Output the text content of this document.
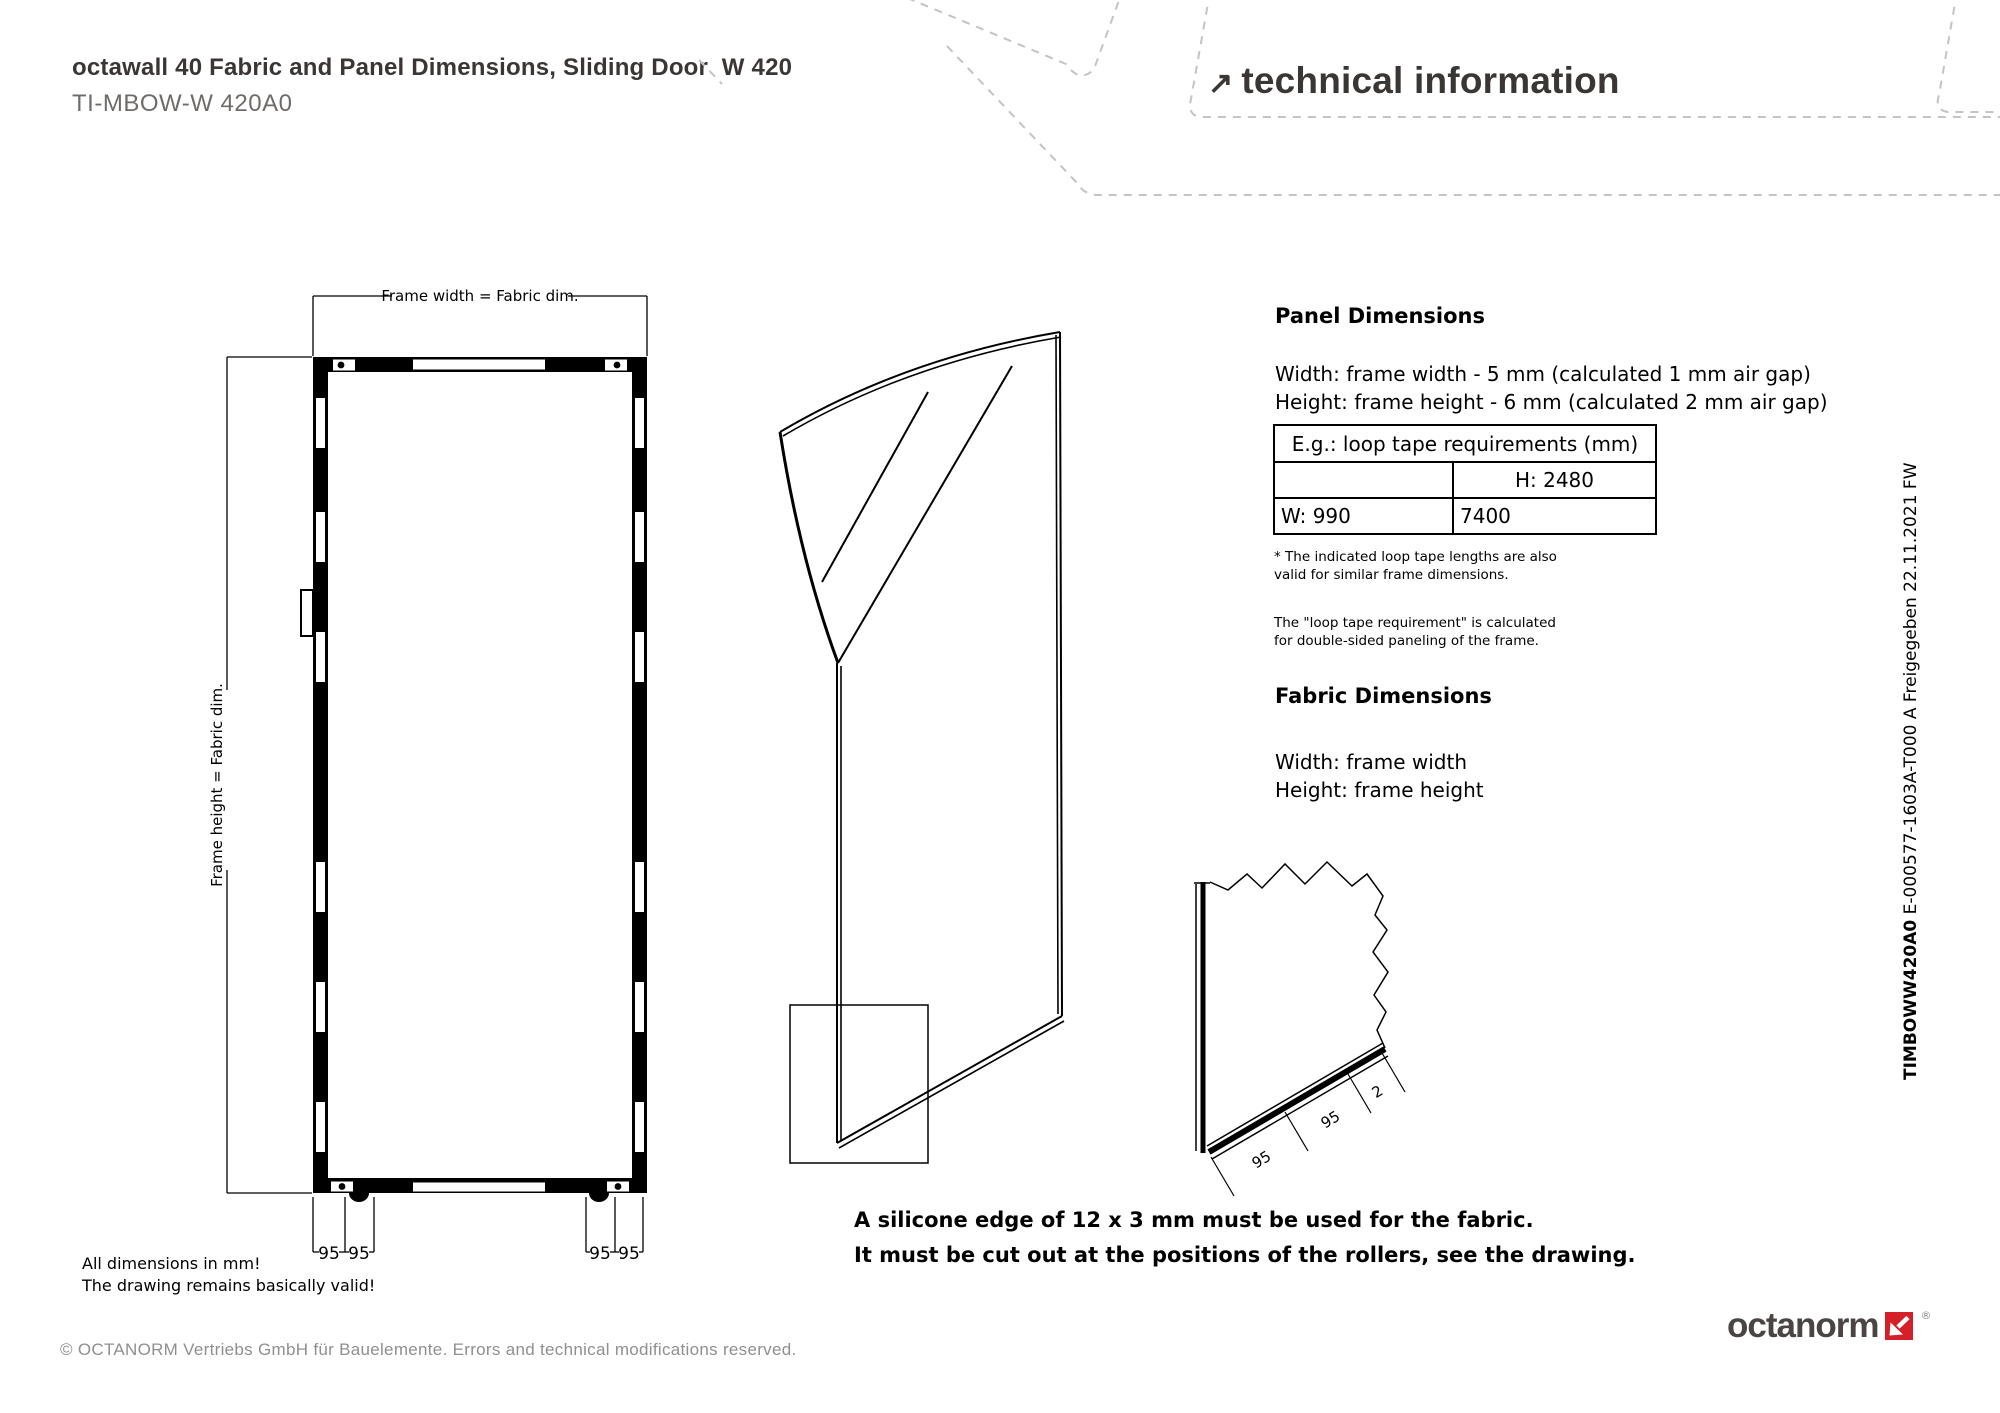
octawall 40 Fabric and Panel Dimensions, Sliding Door  W 420
TI-MBOW-W 420A0
↗ technical information
Frame width = Fabric dim.
Frame height = Fabric dim.
95 95	95 95
95
95
2
Panel Dimensions
Width: frame width - 5 mm (calculated 1 mm air gap)
Height: frame height - 6 mm (calculated 2 mm air gap)
E.g.: loop tape requirements (mm)	
	H: 2480
W: 990	7400
* The indicated loop tape lengths are also
valid for similar frame dimensions.
The "loop tape requirement" is calculated
for double-sided paneling of the frame.
Fabric Dimensions
Width: frame width
Height: frame height
A silicone edge of 12 x 3 mm must be used for the fabric.
It must be cut out at the positions of the rollers, see the drawing.
All dimensions in mm!
The drawing remains basically valid!
© OCTANORM Vertriebs GmbH für Bauelemente. Errors and technical modifications reserved.
TIMBOWW420A0 E-000577-1603A-T000 A Freigegeben 22.11.2021 FW
octanorm	®
